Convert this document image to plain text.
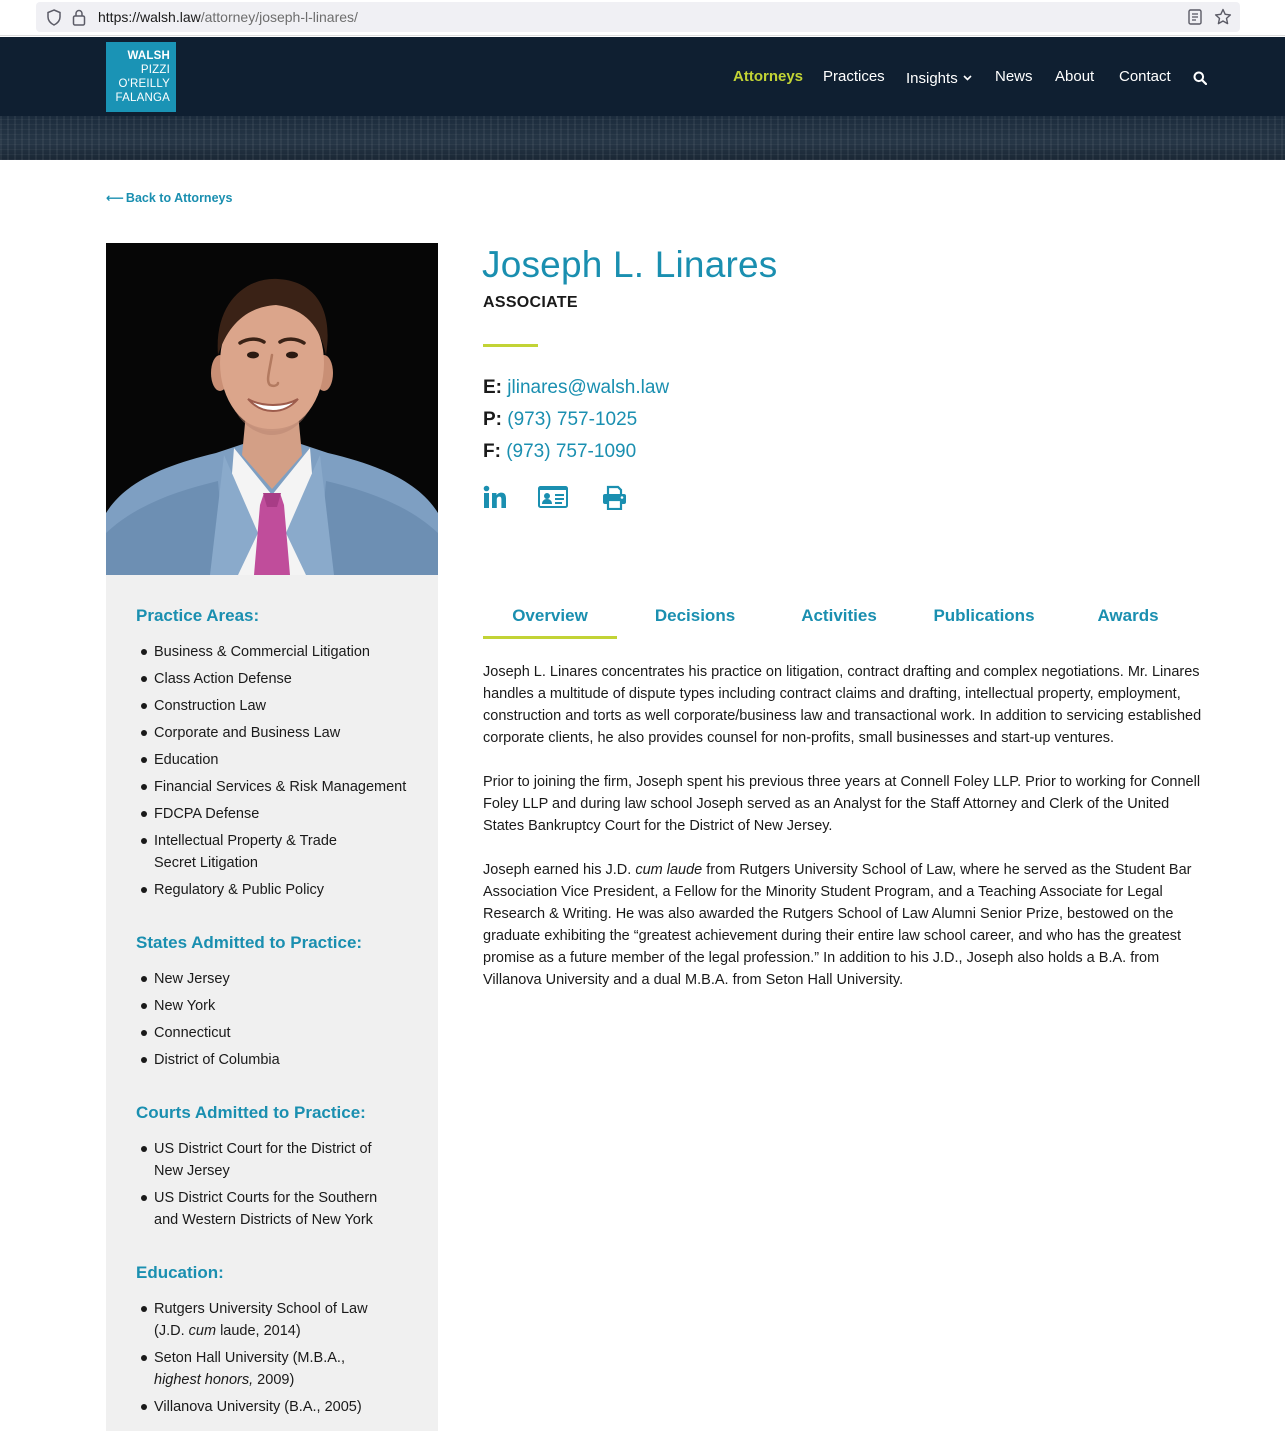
https://walsh.law/attorney/joseph-l-linares/
WALSH
PIZZI
O'REILLY
FALANGA
Attorneys Practices Insights	News About Contact
⟵ Back to Attorneys
Practice Areas:
Business & Commercial Litigation
Class Action Defense
Construction Law
Corporate and Business Law
Education
Financial Services & Risk Management
FDCPA Defense
Intellectual Property & Trade Secret Litigation
Regulatory & Public Policy
States Admitted to Practice:
New Jersey
New York
Connecticut
District of Columbia
Courts Admitted to Practice:
US District Court for the District of New Jersey
US District Courts for the Southern and Western Districts of New York
Education:
Rutgers University School of Law (J.D. cum laude, 2014)
Seton Hall University (M.B.A., highest honors, 2009)
Villanova University (B.A., 2005)
Joseph L. Linares
ASSOCIATE
E: jlinares@walsh.law
P: (973) 757-1025
F: (973) 757-1090
Overview	Decisions	Activities	Publications	Awards

Joseph L. Linares concentrates his practice on litigation, contract drafting and complex negotiations. Mr. Linares handles a multitude of dispute types including contract claims and drafting, intellectual property, employment, construction and torts as well corporate/business law and transactional work. In addition to servicing established corporate clients, he also provides counsel for non-profits, small businesses and start-up ventures.

Prior to joining the firm, Joseph spent his previous three years at Connell Foley LLP. Prior to working for Connell Foley LLP and during law school Joseph served as an Analyst for the Staff Attorney and Clerk of the United States Bankruptcy Court for the District of New Jersey.

Joseph earned his J.D. cum laude from Rutgers University School of Law, where he served as the Student Bar Association Vice President, a Fellow for the Minority Student Program, and a Teaching Associate for Legal Research & Writing. He was also awarded the Rutgers School of Law Alumni Senior Prize, bestowed on the graduate exhibiting the “greatest achievement during their entire law school career, and who has the greatest promise as a future member of the legal profession.” In addition to his J.D., Joseph also holds a B.A. from Villanova University and a dual M.B.A. from Seton Hall University.
